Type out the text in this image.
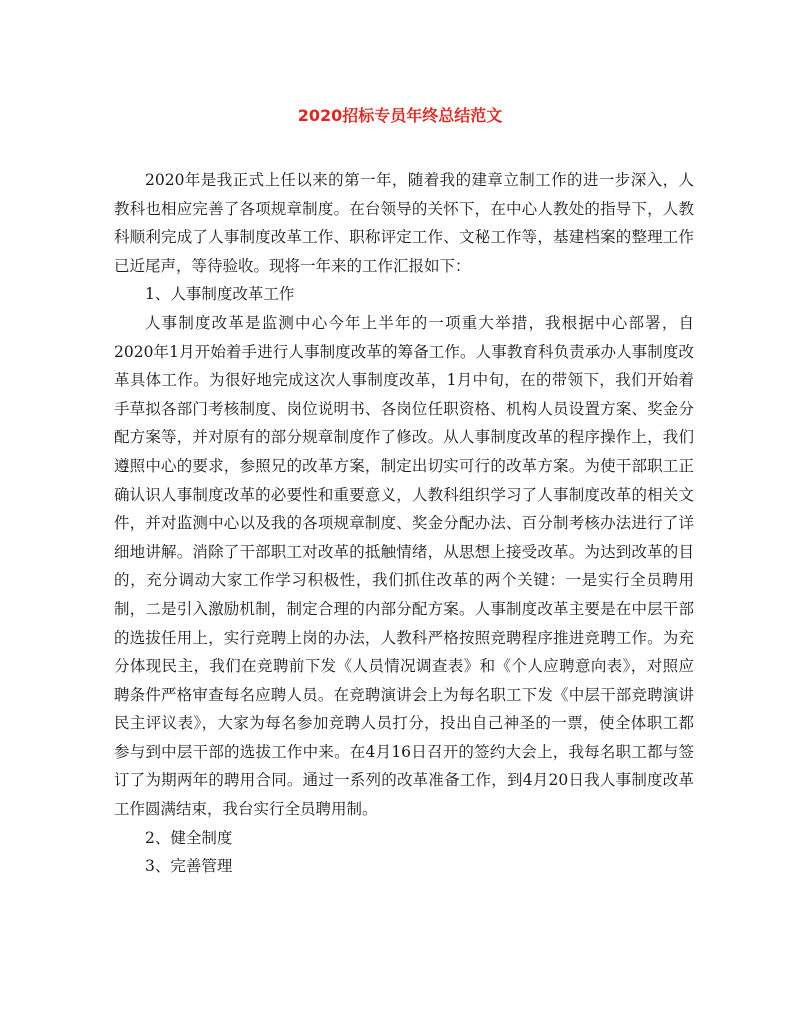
2020招标专员年终总结范文

2020年是我正式上任以来的第一年，随着我的建章立制工作的进一步深入，人教科也相应完善了各项规章制度。在台领导的关怀下，在中心人教处的指导下，人教科顺利完成了人事制度改革工作、职称评定工作、文秘工作等，基建档案的整理工作已近尾声，等待验收。现将一年来的工作汇报如下：

1、人事制度改革工作

人事制度改革是监测中心今年上半年的一项重大举措，我根据中心部署，自2020年1月开始着手进行人事制度改革的筹备工作。人事教育科负责承办人事制度改革具体工作。为很好地完成这次人事制度改革，1月中旬，在的带领下，我们开始着手草拟各部门考核制度、岗位说明书、各岗位任职资格、机构人员设置方案、奖金分配方案等，并对原有的部分规章制度作了修改。从人事制度改革的程序操作上，我们遵照中心的要求，参照兄的改革方案，制定出切实可行的改革方案。为使干部职工正确认识人事制度改革的必要性和重要意义，人教科组织学习了人事制度改革的相关文件，并对监测中心以及我的各项规章制度、奖金分配办法、百分制考核办法进行了详细地讲解。消除了干部职工对改革的抵触情绪，从思想上接受改革。为达到改革的目的，充分调动大家工作学习积极性，我们抓住改革的两个关键：一是实行全员聘用制，二是引入激励机制，制定合理的内部分配方案。人事制度改革主要是在中层干部的选拔任用上，实行竞聘上岗的办法，人教科严格按照竞聘程序推进竞聘工作。为充分体现民主，我们在竞聘前下发《人员情况调查表》和《个人应聘意向表》，对照应聘条件严格审查每名应聘人员。在竞聘演讲会上为每名职工下发《中层干部竞聘演讲民主评议表》，大家为每名参加竞聘人员打分，投出自己神圣的一票，使全体职工都参与到中层干部的选拔工作中来。在4月16日召开的签约大会上，我每名职工都与签订了为期两年的聘用合同。通过一系列的改革准备工作，到4月20日我人事制度改革工作圆满结束，我台实行全员聘用制。

2、健全制度

3、完善管理
